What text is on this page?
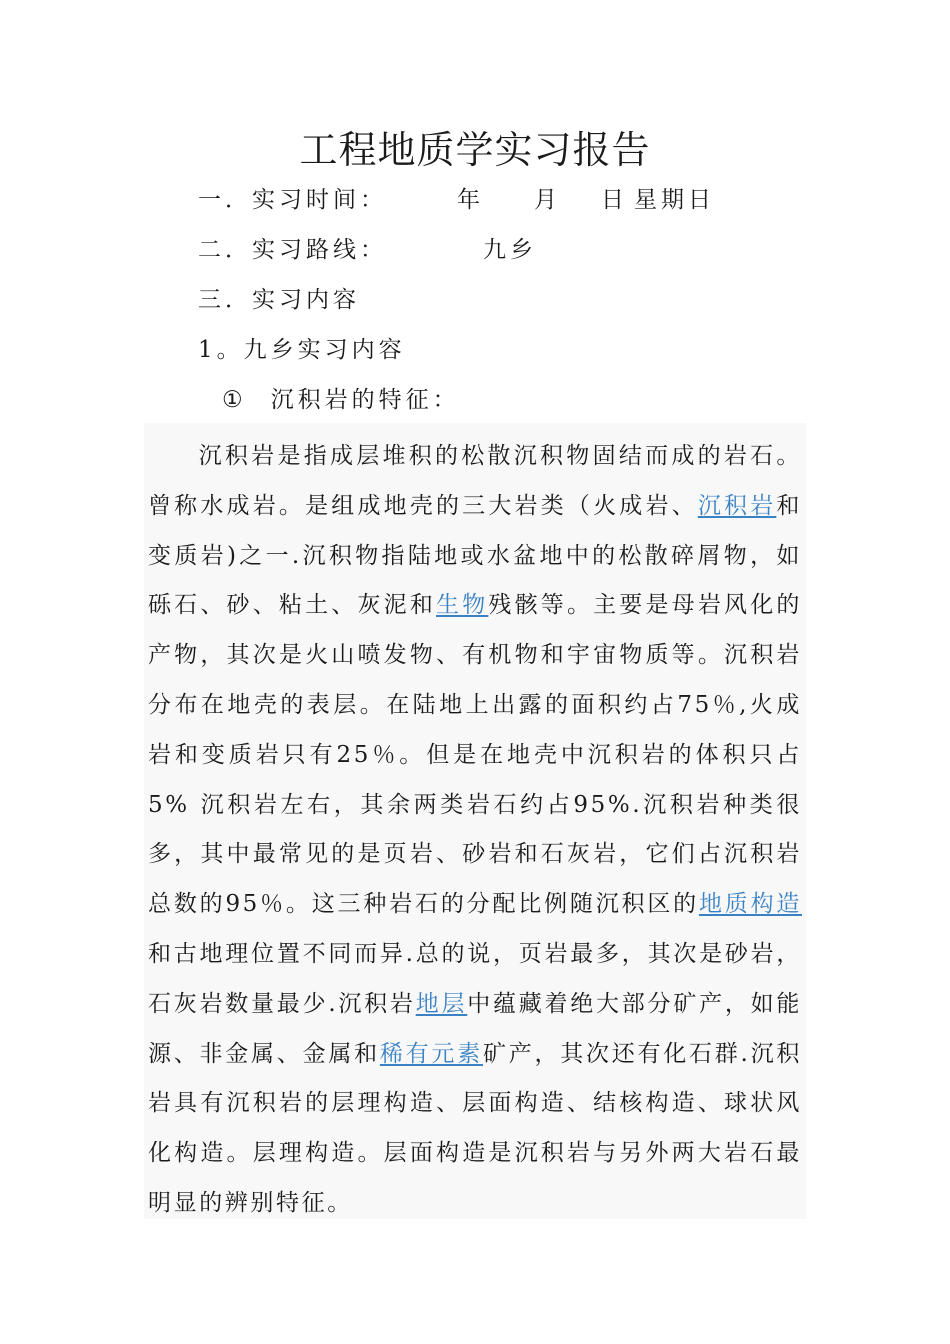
工程地质学实习报告
一．实习时间：	年 月 日 星期日
二．实习路线：	九乡
三．实习内容
1。九乡实习内容
① 沉积岩的特征：

沉积岩是指成层堆积的松散沉积物固结而成的岩石。曾称水成岩。是组成地壳的三大岩类（火成岩、沉积岩和变质岩)之一.沉积物指陆地或水盆地中的松散碎屑物，如砾石、砂、粘土、灰泥和生物残骸等。主要是母岩风化的产物，其次是火山喷发物、有机物和宇宙物质等。沉积岩分布在地壳的表层。在陆地上出露的面积约占75％,火成岩和变质岩只有25％。但是在地壳中沉积岩的体积只占5% 沉积岩左右，其余两类岩石约占95%.沉积岩种类很多，其中最常见的是页岩、砂岩和石灰岩，它们占沉积岩总数的95％。这三种岩石的分配比例随沉积区的地质构造和古地理位置不同而异.总的说，页岩最多，其次是砂岩，石灰岩数量最少.沉积岩地层中蕴藏着绝大部分矿产，如能源、非金属、金属和稀有元素矿产，其次还有化石群.沉积岩具有沉积岩的层理构造、层面构造、结核构造、球状风化构造。层理构造。层面构造是沉积岩与另外两大岩石最明显的辨别特征。
